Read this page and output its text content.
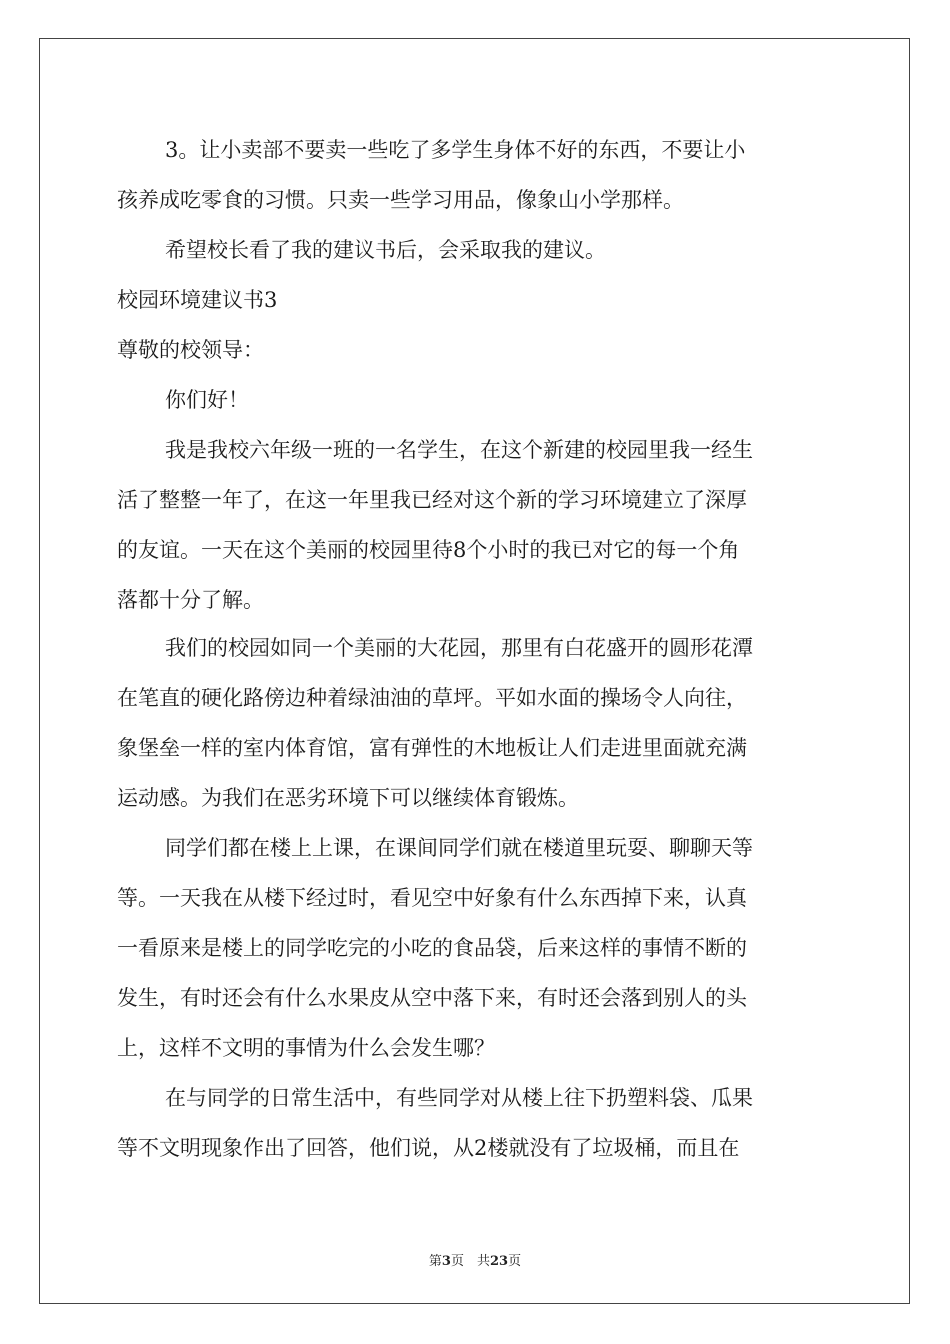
3。让小卖部不要卖一些吃了多学生身体不好的东西，不要让小

孩养成吃零食的习惯。只卖一些学习用品，像象山小学那样。

希望校长看了我的建议书后，会采取我的建议。

校园环境建议书3

尊敬的校领导：

你们好！

我是我校六年级一班的一名学生，在这个新建的校园里我一经生

活了整整一年了，在这一年里我已经对这个新的学习环境建立了深厚

的友谊。一天在这个美丽的校园里待8个小时的我已对它的每一个角

落都十分了解。

我们的校园如同一个美丽的大花园，那里有白花盛开的圆形花潭

在笔直的硬化路傍边种着绿油油的草坪。平如水面的操场令人向往，

象堡垒一样的室内体育馆，富有弹性的木地板让人们走进里面就充满

运动感。为我们在恶劣环境下可以继续体育锻炼。

同学们都在楼上上课，在课间同学们就在楼道里玩耍、聊聊天等

等。一天我在从楼下经过时，看见空中好象有什么东西掉下来，认真

一看原来是楼上的同学吃完的小吃的食品袋，后来这样的事情不断的

发生，有时还会有什么水果皮从空中落下来，有时还会落到别人的头

上，这样不文明的事情为什么会发生哪？

在与同学的日常生活中，有些同学对从楼上往下扔塑料袋、瓜果

等不文明现象作出了回答，他们说，从2楼就没有了垃圾桶，而且在

第3页　共23页
